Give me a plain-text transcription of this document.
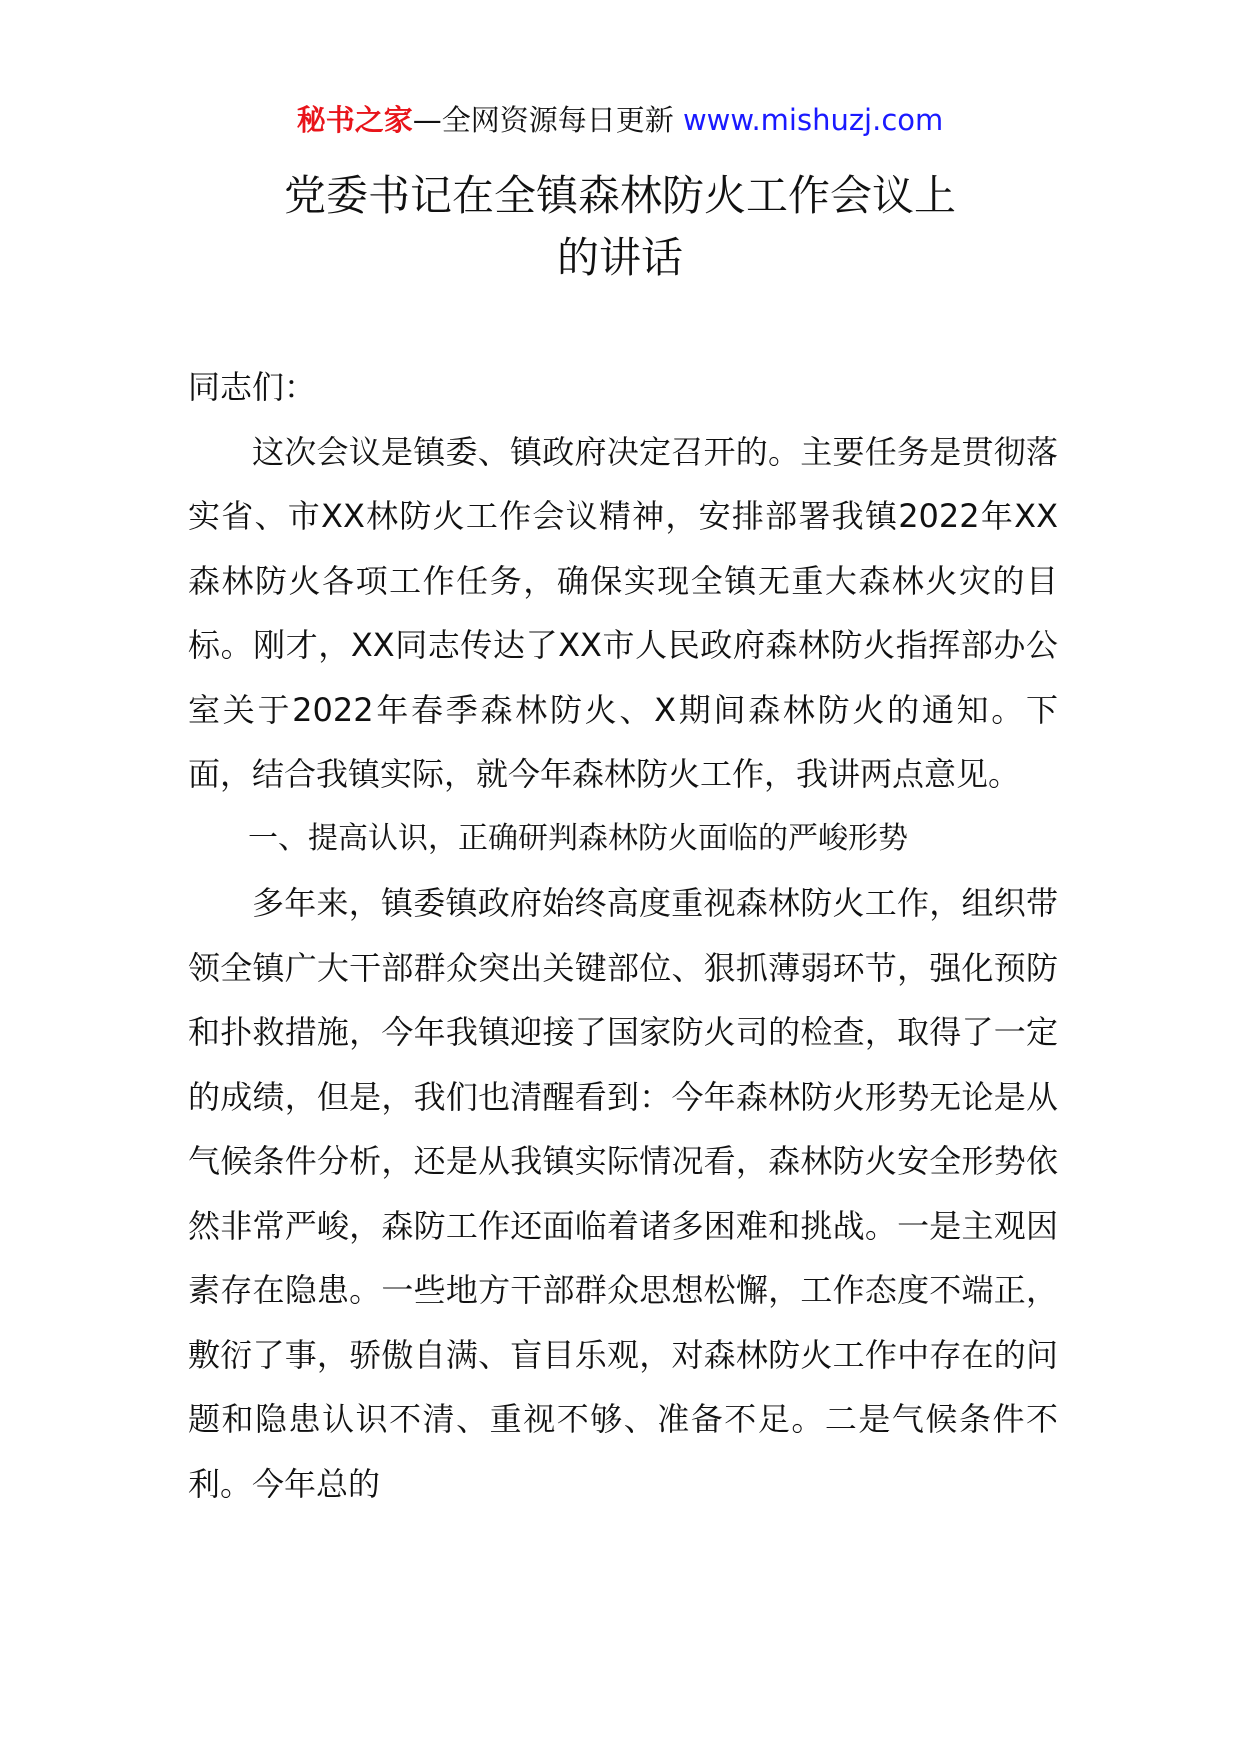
秘书之家—全网资源每日更新 www.mishuzj.com
党委书记在全镇森林防火工作会议上
的讲话

同志们：

这次会议是镇委、镇政府决定召开的。主要任务是贯彻落实省、市XX林防火工作会议精神，安排部署我镇2022年XX森林防火各项工作任务，确保实现全镇无重大森林火灾的目标。刚才，XX同志传达了XX市人民政府森林防火指挥部办公室关于2022年春季森林防火、X期间森林防火的通知。下面，结合我镇实际，就今年森林防火工作，我讲两点意见。

一、提高认识，正确研判森林防火面临的严峻形势

多年来，镇委镇政府始终高度重视森林防火工作，组织带领全镇广大干部群众突出关键部位、狠抓薄弱环节，强化预防和扑救措施，今年我镇迎接了国家防火司的检查，取得了一定的成绩，但是，我们也清醒看到：今年森林防火形势无论是从气候条件分析，还是从我镇实际情况看，森林防火安全形势依然非常严峻，森防工作还面临着诸多困难和挑战。一是主观因素存在隐患。一些地方干部群众思想松懈，工作态度不端正，敷衍了事，骄傲自满、盲目乐观，对森林防火工作中存在的问题和隐患认识不清、重视不够、准备不足。二是气候条件不利。今年总的
